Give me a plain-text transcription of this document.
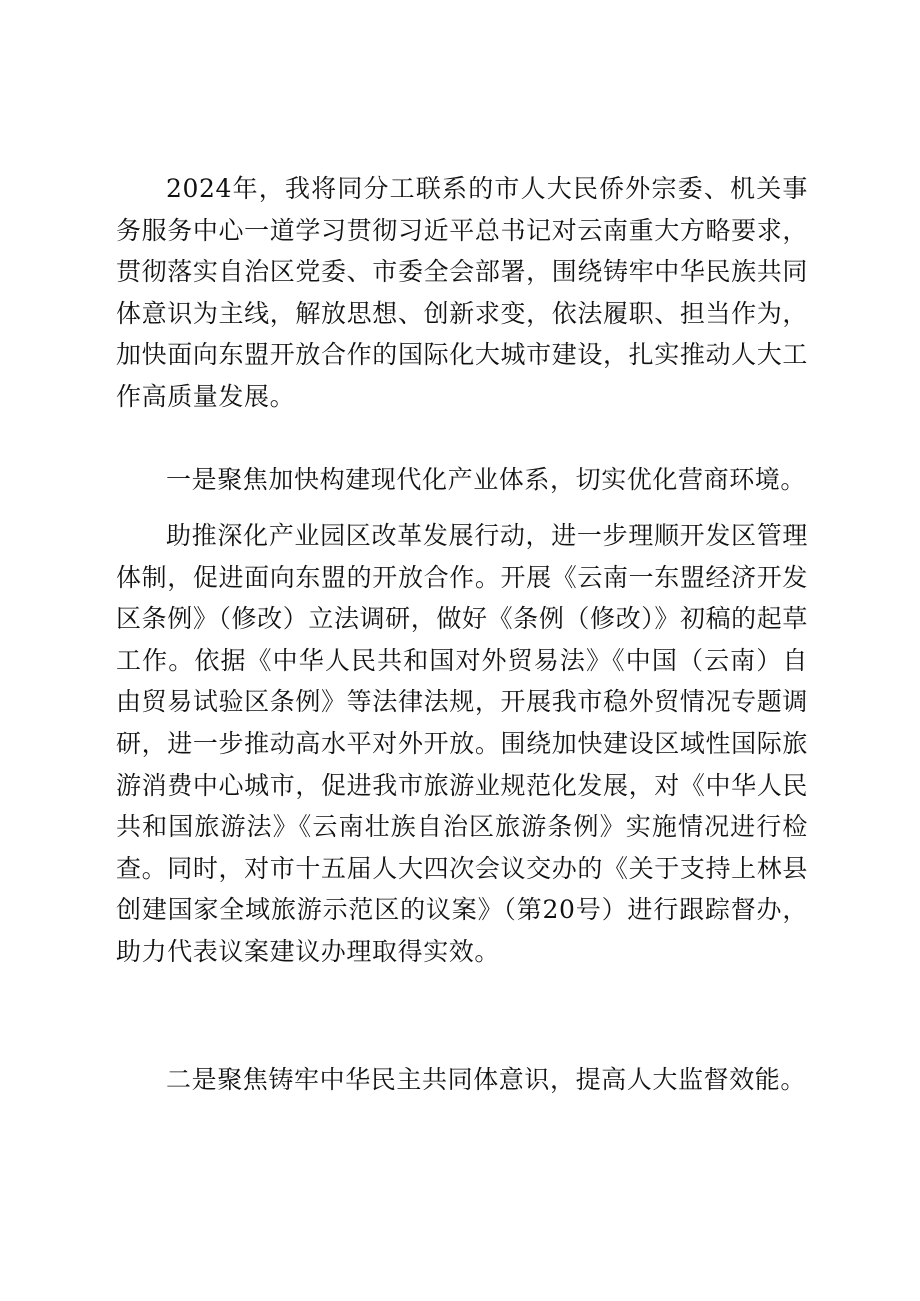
2024年，我将同分工联系的市人大民侨外宗委、机关事务服务中心一道学习贯彻习近平总书记对云南重大方略要求，贯彻落实自治区党委、市委全会部署，围绕铸牢中华民族共同体意识为主线，解放思想、创新求变，依法履职、担当作为，加快面向东盟开放合作的国际化大城市建设，扎实推动人大工作高质量发展。

一是聚焦加快构建现代化产业体系，切实优化营商环境。

助推深化产业园区改革发展行动，进一步理顺开发区管理体制，促进面向东盟的开放合作。开展《云南一东盟经济开发区条例》（修改）立法调研，做好《条例（修改）》初稿的起草工作。依据《中华人民共和国对外贸易法》《中国（云南）自由贸易试验区条例》等法律法规，开展我市稳外贸情况专题调研，进一步推动高水平对外开放。围绕加快建设区域性国际旅游消费中心城市，促进我市旅游业规范化发展，对《中华人民共和国旅游法》《云南壮族自治区旅游条例》实施情况进行检查。同时，对市十五届人大四次会议交办的《关于支持上林县创建国家全域旅游示范区的议案》（第20号）进行跟踪督办，助力代表议案建议办理取得实效。

二是聚焦铸牢中华民主共同体意识，提高人大监督效能。
